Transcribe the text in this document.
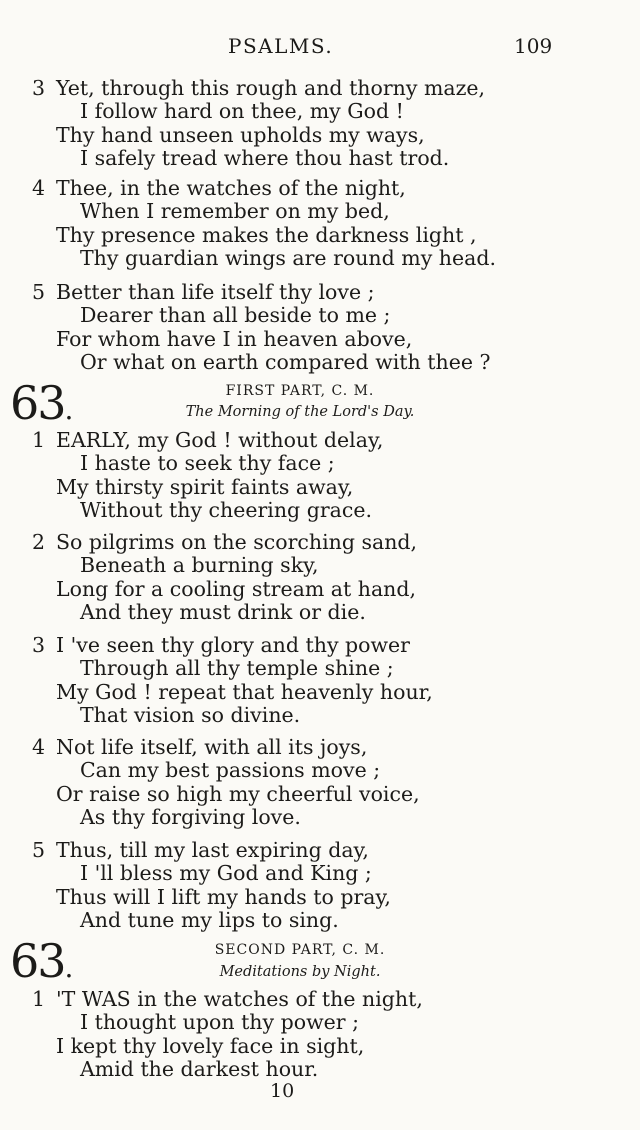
PSALMS.	109
3 Yet, through this rough and thorny maze,
I follow hard on thee, my God !
Thy hand unseen upholds my ways,
I safely tread where thou hast trod.
4 Thee, in the watches of the night,
When I remember on my bed,
Thy presence makes the darkness light ,
Thy guardian wings are round my head.
5 Better than life itself thy love ;
Dearer than all beside to me ;
For whom have I in heaven above,
Or what on earth compared with thee ?
63.
FIRST PART, C. M.
The Morning of the Lord's Day.
1 EARLY, my God ! without delay,
I haste to seek thy face ;
My thirsty spirit faints away,
Without thy cheering grace.
2 So pilgrims on the scorching sand,
Beneath a burning sky,
Long for a cooling stream at hand,
And they must drink or die.
3 I 've seen thy glory and thy power
Through all thy temple shine ;
My God ! repeat that heavenly hour,
That vision so divine.
4 Not life itself, with all its joys,
Can my best passions move ;
Or raise so high my cheerful voice,
As thy forgiving love.
5 Thus, till my last expiring day,
I 'll bless my God and King ;
Thus will I lift my hands to pray,
And tune my lips to sing.
63.
SECOND PART, C. M.
Meditations by Night.
1 'T WAS in the watches of the night,
I thought upon thy power ;
I kept thy lovely face in sight,
Amid the darkest hour.
10
